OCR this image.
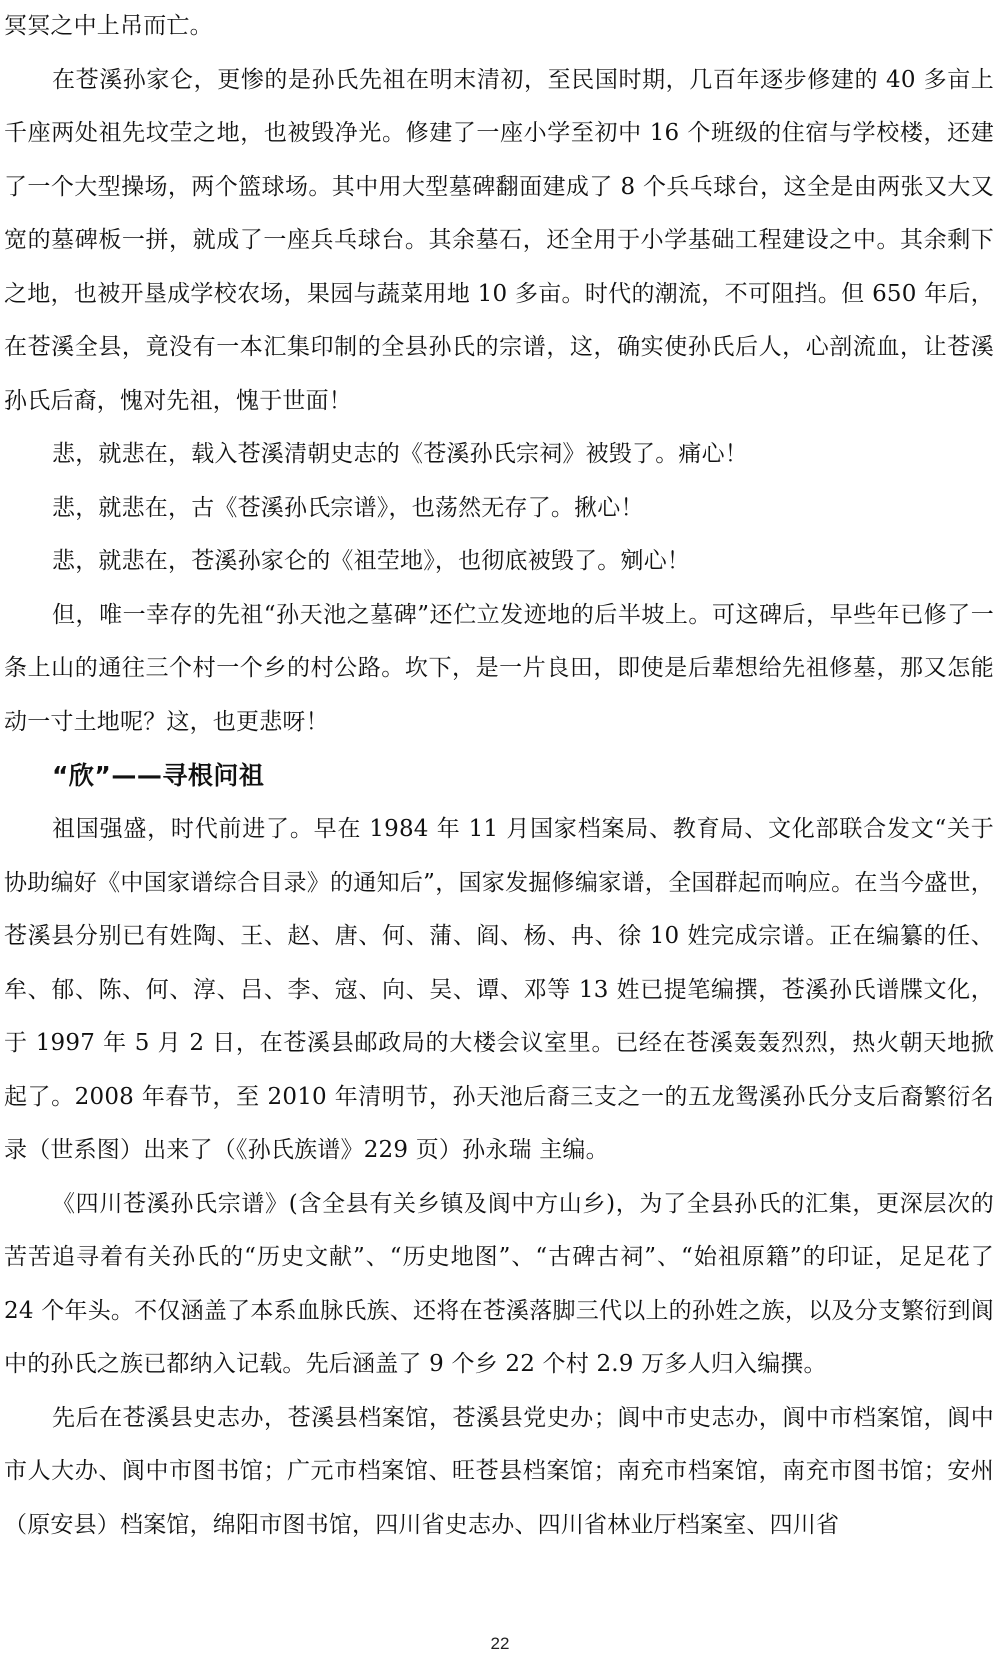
冥冥之中上吊而亡。

在苍溪孙家仑，更惨的是孙氏先祖在明末清初，至民国时期，几百年逐步修建的 40 多亩上千座两处祖先坟茔之地，也被毁净光。修建了一座小学至初中 16 个班级的住宿与学校楼，还建了一个大型操场，两个篮球场。其中用大型墓碑翻面建成了 8 个兵乓球台，这全是由两张又大又宽的墓碑板一拼，就成了一座兵乓球台。其余墓石，还全用于小学基础工程建设之中。其余剩下之地，也被开垦成学校农场，果园与蔬菜用地 10 多亩。时代的潮流，不可阻挡。但 650 年后，在苍溪全县，竟没有一本汇集印制的全县孙氏的宗谱，这，确实使孙氏后人，心剖流血，让苍溪孙氏后裔，愧对先祖，愧于世面！

悲，就悲在，载入苍溪清朝史志的《苍溪孙氏宗祠》被毁了。痛心！

悲，就悲在，古《苍溪孙氏宗谱》，也荡然无存了。揪心！

悲，就悲在，苍溪孙家仑的《祖茔地》，也彻底被毁了。剜心！

但，唯一幸存的先祖“孙天池之墓碑”还伫立发迹地的后半坡上。可这碑后，早些年已修了一条上山的通往三个村一个乡的村公路。坎下，是一片良田，即使是后辈想给先祖修墓，那又怎能动一寸土地呢？这，也更悲呀！

“欣”——寻根问祖

祖国强盛，时代前进了。早在 1984 年 11 月国家档案局、教育局、文化部联合发文“关于协助编好《中国家谱综合目录》的通知后”，国家发掘修编家谱，全国群起而响应。在当今盛世，苍溪县分别已有姓陶、王、赵、唐、何、蒲、阎、杨、冉、徐 10 姓完成宗谱。正在编纂的任、牟、郁、陈、何、淳、吕、李、寇、向、吴、谭、邓等 13 姓已提笔编撰，苍溪孙氏谱牒文化，于 1997 年 5 月 2 日，在苍溪县邮政局的大楼会议室里。已经在苍溪轰轰烈烈，热火朝天地掀起了。2008 年春节，至 2010 年清明节，孙天池后裔三支之一的五龙鸳溪孙氏分支后裔繁衍名录（世系图）出来了（《孙氏族谱》229 页）孙永瑞 主编。

《四川苍溪孙氏宗谱》(含全县有关乡镇及阆中方山乡)，为了全县孙氏的汇集，更深层次的苦苦追寻着有关孙氏的“历史文献”、“历史地图”、“古碑古祠”、“始祖原籍”的印证，足足花了 24 个年头。不仅涵盖了本系血脉氏族、还将在苍溪落脚三代以上的孙姓之族，以及分支繁衍到阆中的孙氏之族已都纳入记载。先后涵盖了 9 个乡 22 个村 2.9 万多人归入编撰。

先后在苍溪县史志办，苍溪县档案馆，苍溪县党史办；阆中市史志办，阆中市档案馆，阆中市人大办、阆中市图书馆；广元市档案馆、旺苍县档案馆；南充市档案馆，南充市图书馆；安州（原安县）档案馆，绵阳市图书馆，四川省史志办、四川省林业厅档案室、四川省

22
